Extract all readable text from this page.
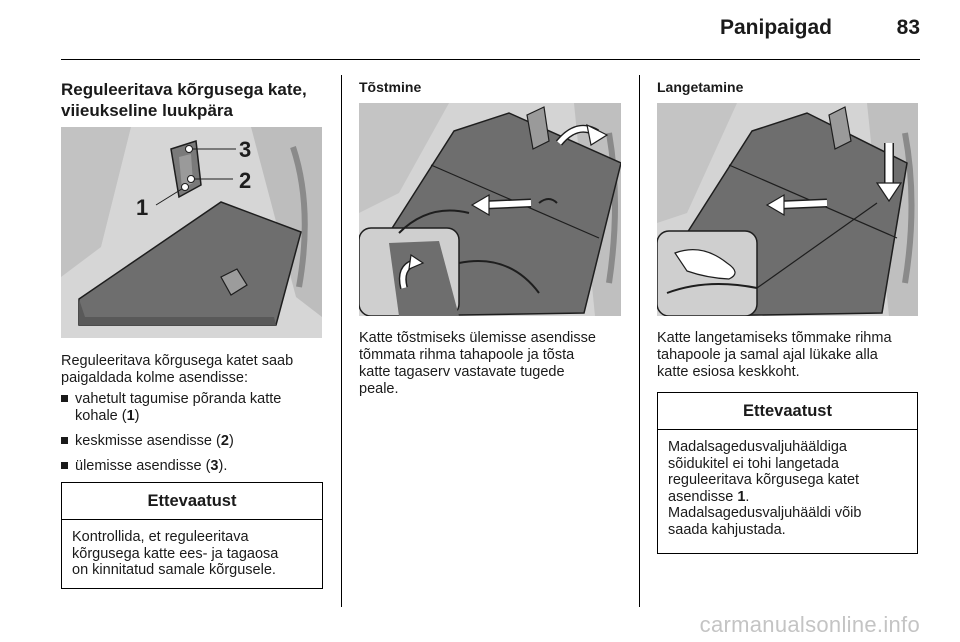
Panipaigad	83
Reguleeritava kõrgusega kate,
viieukseline luukpära
1
2
3
Reguleeritava kõrgusega katet saab
paigaldada kolme asendisse:
vahetult tagumise põranda katte
kohale (1)
keskmisse asendisse (2)
ülemisse asendisse (3).
Ettevaatust
Kontrollida, et reguleeritava
kõrgusega katte ees- ja tagaosa
on kinnitatud samale kõrgusele.
Tõstmine
Katte tõstmiseks ülemisse asendisse
tõmmata rihma tahapoole ja tõsta
katte tagaserv vastavate tugede
peale.
Langetamine
Katte langetamiseks tõmmake rihma
tahapoole ja samal ajal lükake alla
katte esiosa keskkoht.
Ettevaatust
Madalsagedusvaljuhääldiga
sõidukitel ei tohi langetada
reguleeritava kõrgusega katet
asendisse 1.
Madalsagedusvaljuhääldi võib
saada kahjustada.
carmanualsonline.info
